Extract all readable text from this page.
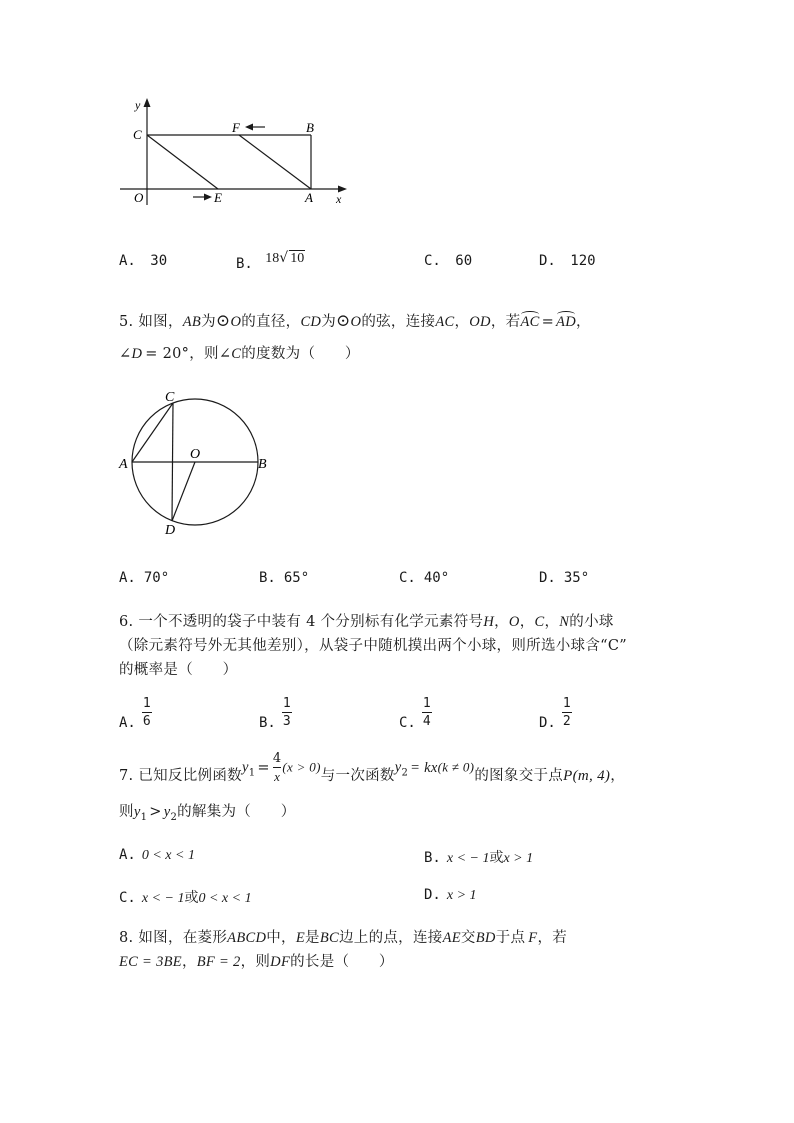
y
C	F	B
O	E	A x
A. 30	B. 18√ 10	C. 60	D. 120
5. 如图，AB为⊙O的直径，CD为⊙O的弦，连接AC，OD，若AC = AD，
∠D = 20°，则∠C的度数为（　　）
C
A
O
B
D
A. 70°	B. 65°	C. 40°	D. 35°
6. 一个不透明的袋子中装有 4 个分别标有化学元素符号H，O，C，N的小球
（除元素符号外无其他差别），从袋子中随机摸出两个小球，则所选小球含“C”
的概率是（　　）
A. $\frac{1}{6}$	B. $\frac{1}{3}$	C. $\frac{1}{4}$	D. $\frac{1}{2}$
7. 已知反比例函数$y_1 = \frac{4}{x} (x > 0)$与一次函数$y_2 = kx(k \ne 0)$的图象交于点P(m, 4)，
则$y_1 > y_2$的解集为（　　）
A. 0 < x < 1	B. x < − 1或x > 1
C. x < − 1或0 < x < 1	D. x > 1
8. 如图，在菱形ABCD中，E是BC边上的点，连接AE交BD于点 F，若
EC = 3BE，BF = 2，则DF的长是（　　）
